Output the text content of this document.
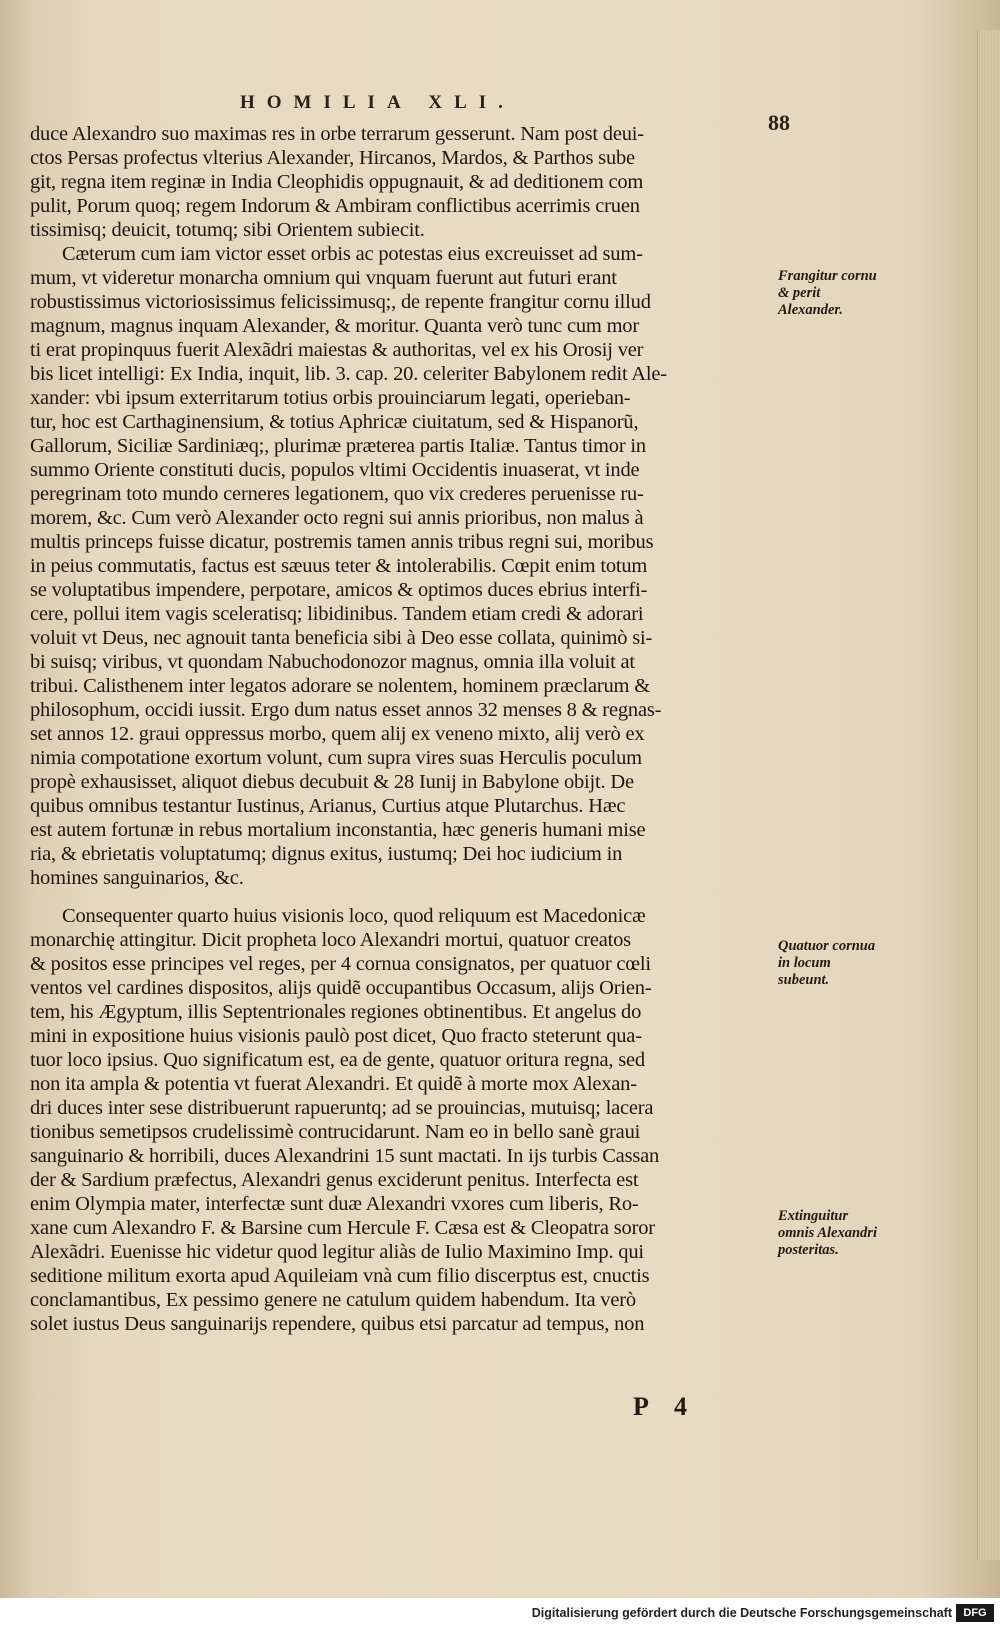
HOMILIA XLI.
88
duce Alexandro suo maximas res in orbe terrarum gesserunt. Nam post deui-
ctos Persas profectus vlterius Alexander, Hircanos, Mardos, & Parthos sube
git, regna item reginæ in India Cleophidis oppugnauit, & ad deditionem com
pulit, Porum quoq; regem Indorum & Ambiram conflictibus acerrimis cruen
tissimisq; deuicit, totumq; sibi Orientem subiecit.
Cæterum cum iam victor esset orbis ac potestas eius excreuisset ad sum-
mum, vt videretur monarcha omnium qui vnquam fuerunt aut futuri erant
robustissimus victoriosissimus felicissimusq;, de repente frangitur cornu illud
magnum, magnus inquam Alexander, & moritur. Quanta verò tunc cum mor
ti erat propinquus fuerit Alexãdri maiestas & authoritas, vel ex his Orosij ver
bis licet intelligi: Ex India, inquit, lib. 3. cap. 20. celeriter Babylonem redit Ale-
xander: vbi ipsum exterritarum totius orbis prouinciarum legati, operieban-
tur, hoc est Carthaginensium, & totius Aphricæ ciuitatum, sed & Hispanorũ,
Gallorum, Siciliæ Sardiniæq;, plurimæ præterea partis Italiæ. Tantus timor in
summo Oriente constituti ducis, populos vltimi Occidentis inuaserat, vt inde
peregrinam toto mundo cerneres legationem, quo vix crederes peruenisse ru-
morem, &c. Cum verò Alexander octo regni sui annis prioribus, non malus à
multis princeps fuisse dicatur, postremis tamen annis tribus regni sui, moribus
in peius commutatis, factus est sæuus teter & intolerabilis. Cœpit enim totum
se voluptatibus impendere, perpotare, amicos & optimos duces ebrius interfi-
cere, pollui item vagis sceleratisq; libidinibus. Tandem etiam credi & adorari
voluit vt Deus, nec agnouit tanta beneficia sibi à Deo esse collata, quinimò si-
bi suisq; viribus, vt quondam Nabuchodonozor magnus, omnia illa voluit at
tribui. Calisthenem inter legatos adorare se nolentem, hominem præclarum &
philosophum, occidi iussit. Ergo dum natus esset annos 32 menses 8 & regnas-
set annos 12. graui oppressus morbo, quem alij ex veneno mixto, alij verò ex
nimia compotatione exortum volunt, cum supra vires suas Herculis poculum
propè exhausisset, aliquot diebus decubuit & 28 Iunij in Babylone obijt. De
quibus omnibus testantur Iustinus, Arianus, Curtius atque Plutarchus. Hæc
est autem fortunæ in rebus mortalium inconstantia, hæc generis humani mise
ria, & ebrietatis voluptatumq; dignus exitus, iustumq; Dei hoc iudicium in
homines sanguinarios, &c.
Consequenter quarto huius visionis loco, quod reliquum est Macedonicæ
monarchię attingitur. Dicit propheta loco Alexandri mortui, quatuor creatos
& positos esse principes vel reges, per 4 cornua consignatos, per quatuor cœli
ventos vel cardines dispositos, alijs quidẽ occupantibus Occasum, alijs Orien-
tem, his Ægyptum, illis Septentrionales regiones obtinentibus. Et angelus do
mini in expositione huius visionis paulò post dicet, Quo fracto steterunt qua-
tuor loco ipsius. Quo significatum est, ea de gente, quatuor oritura regna, sed
non ita ampla & potentia vt fuerat Alexandri. Et quidẽ à morte mox Alexan-
dri duces inter sese distribuerunt rapueruntq; ad se prouincias, mutuisq; lacera
tionibus semetipsos crudelissimè contrucidarunt. Nam eo in bello sanè graui
sanguinario & horribili, duces Alexandrini 15 sunt mactati. In ijs turbis Cassan
der & Sardium præfectus, Alexandri genus exciderunt penitus. Interfecta est
enim Olympia mater, interfectæ sunt duæ Alexandri vxores cum liberis, Ro-
xane cum Alexandro F. & Barsine cum Hercule F. Cæsa est & Cleopatra soror
Alexãdri. Euenisse hic videtur quod legitur aliàs de Iulio Maximino Imp. qui
seditione militum exorta apud Aquileiam vnà cum filio discerptus est, cnuctis
conclamantibus, Ex pessimo genere ne catulum quidem habendum. Ita verò
solet iustus Deus sanguinarijs rependere, quibus etsi parcatur ad tempus, non
Frangitur cornu & perit Alexander.
Quatuor cornua in locum subeunt.
Extinguitur omnis Alexandri posteritas.
P 4
Digitalisierung gefördert durch die Deutsche Forschungsgemeinschaft	DFG
